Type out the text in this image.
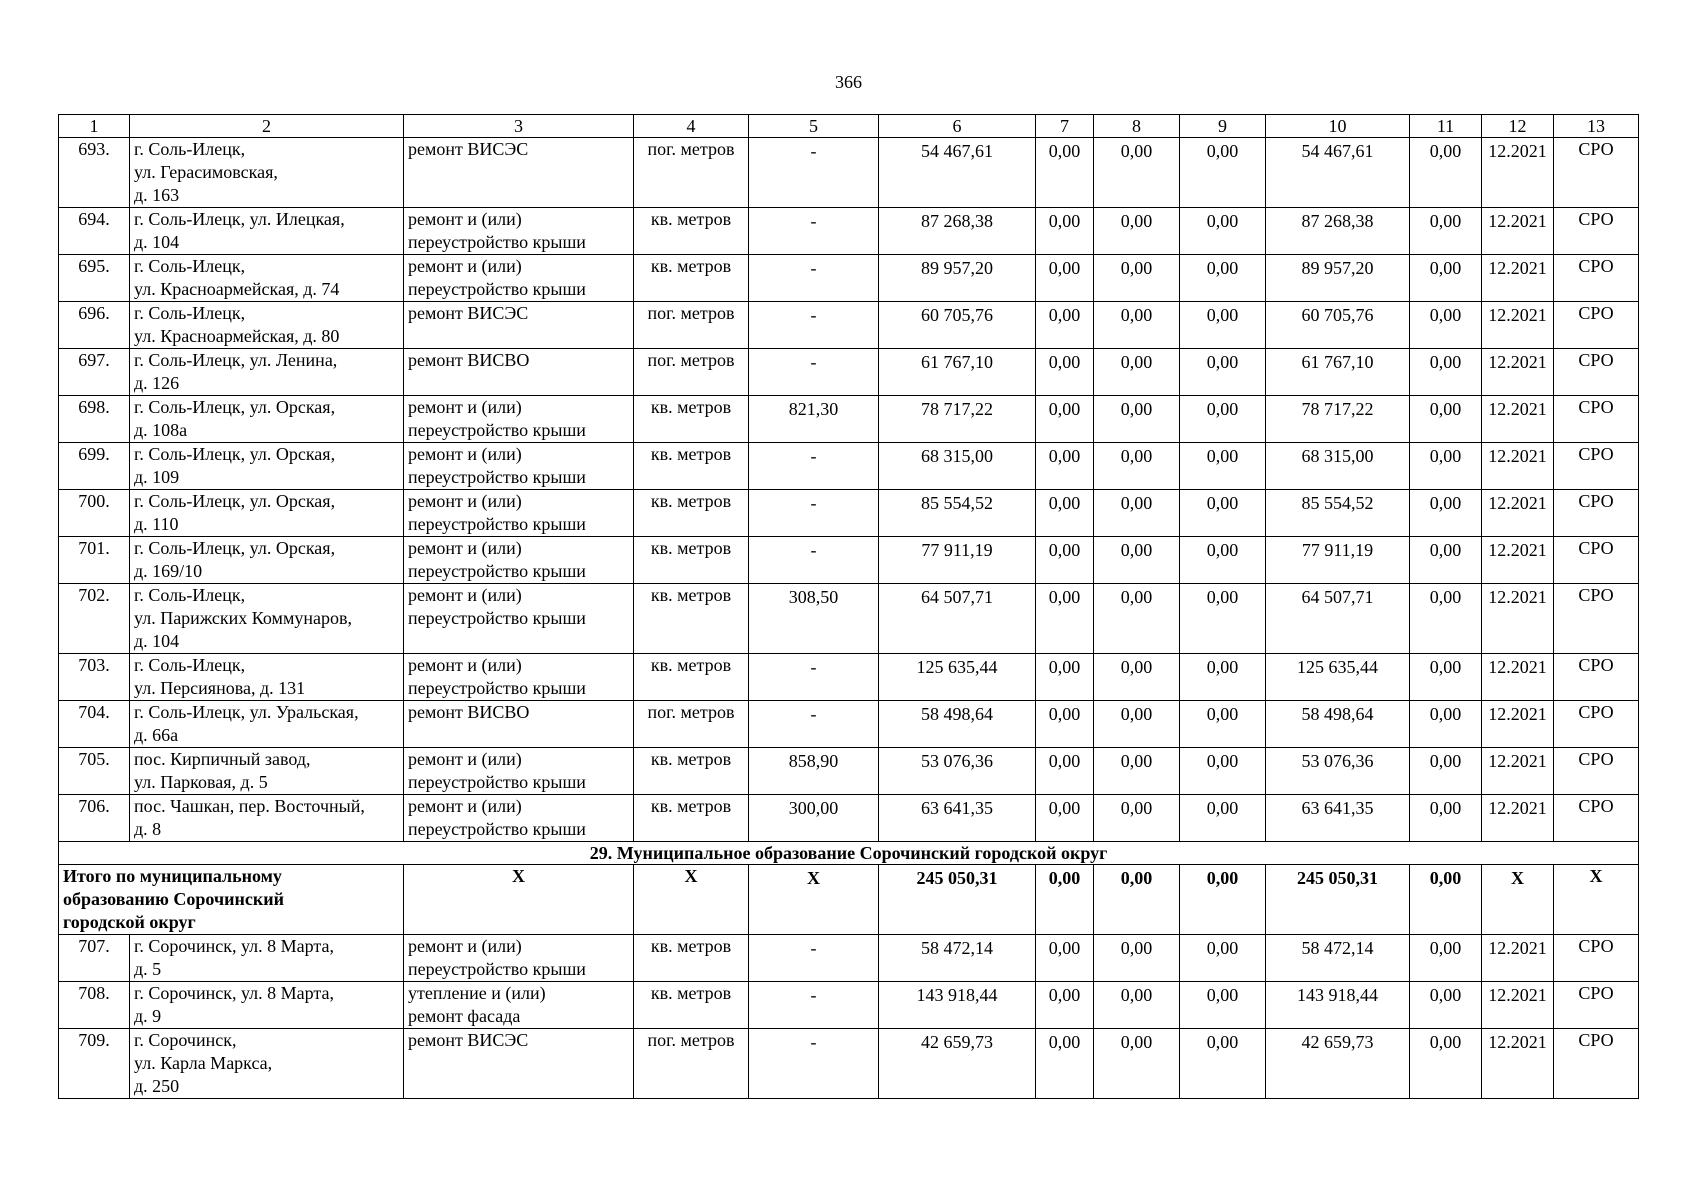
366
1	2	3	4	5	6	7	8	9	10	11	12	13
693.	г. Соль-Илецк,
ул. Герасимовская,
д. 163	ремонт ВИСЭС	пог. метров	-	54 467,61	0,00	0,00	0,00	54 467,61	0,00	12.2021	СРО
694.	г. Соль-Илецк, ул. Илецкая,
д. 104	ремонт и (или)
переустройство крыши	кв. метров	-	87 268,38	0,00	0,00	0,00	87 268,38	0,00	12.2021	СРО
695.	г. Соль-Илецк,
ул. Красноармейская, д. 74	ремонт и (или)
переустройство крыши	кв. метров	-	89 957,20	0,00	0,00	0,00	89 957,20	0,00	12.2021	СРО
696.	г. Соль-Илецк,
ул. Красноармейская, д. 80	ремонт ВИСЭС	пог. метров	-	60 705,76	0,00	0,00	0,00	60 705,76	0,00	12.2021	СРО
697.	г. Соль-Илецк, ул. Ленина,
д. 126	ремонт ВИСВО	пог. метров	-	61 767,10	0,00	0,00	0,00	61 767,10	0,00	12.2021	СРО
698.	г. Соль-Илецк, ул. Орская,
д. 108а	ремонт и (или)
переустройство крыши	кв. метров	821,30	78 717,22	0,00	0,00	0,00	78 717,22	0,00	12.2021	СРО
699.	г. Соль-Илецк, ул. Орская,
д. 109	ремонт и (или)
переустройство крыши	кв. метров	-	68 315,00	0,00	0,00	0,00	68 315,00	0,00	12.2021	СРО
700.	г. Соль-Илецк, ул. Орская,
д. 110	ремонт и (или)
переустройство крыши	кв. метров	-	85 554,52	0,00	0,00	0,00	85 554,52	0,00	12.2021	СРО
701.	г. Соль-Илецк, ул. Орская,
д. 169/10	ремонт и (или)
переустройство крыши	кв. метров	-	77 911,19	0,00	0,00	0,00	77 911,19	0,00	12.2021	СРО
702.	г. Соль-Илецк,
ул. Парижских Коммунаров,
д. 104	ремонт и (или)
переустройство крыши	кв. метров	308,50	64 507,71	0,00	0,00	0,00	64 507,71	0,00	12.2021	СРО
703.	г. Соль-Илецк,
ул. Персиянова, д. 131	ремонт и (или)
переустройство крыши	кв. метров	-	125 635,44	0,00	0,00	0,00	125 635,44	0,00	12.2021	СРО
704.	г. Соль-Илецк, ул. Уральская,
д. 66а	ремонт ВИСВО	пог. метров	-	58 498,64	0,00	0,00	0,00	58 498,64	0,00	12.2021	СРО
705.	пос. Кирпичный завод,
ул. Парковая, д. 5	ремонт и (или)
переустройство крыши	кв. метров	858,90	53 076,36	0,00	0,00	0,00	53 076,36	0,00	12.2021	СРО
706.	пос. Чашкан, пер. Восточный,
д. 8	ремонт и (или)
переустройство крыши	кв. метров	300,00	63 641,35	0,00	0,00	0,00	63 641,35	0,00	12.2021	СРО
29. Муниципальное образование Сорочинский городской округ												

Итого по муниципальному
образованию Сорочинский
городской округ		X	X	X	245 050,31	0,00	0,00	0,00	245 050,31	0,00	X	X
707.	г. Сорочинск, ул. 8 Марта,
д. 5	ремонт и (или)
переустройство крыши	кв. метров	-	58 472,14	0,00	0,00	0,00	58 472,14	0,00	12.2021	СРО
708.	г. Сорочинск, ул. 8 Марта,
д. 9	утепление и (или)
ремонт фасада	кв. метров	-	143 918,44	0,00	0,00	0,00	143 918,44	0,00	12.2021	СРО
709.	г. Сорочинск,
ул. Карла Маркса,
д. 250	ремонт ВИСЭС	пог. метров	-	42 659,73	0,00	0,00	0,00	42 659,73	0,00	12.2021	СРО
